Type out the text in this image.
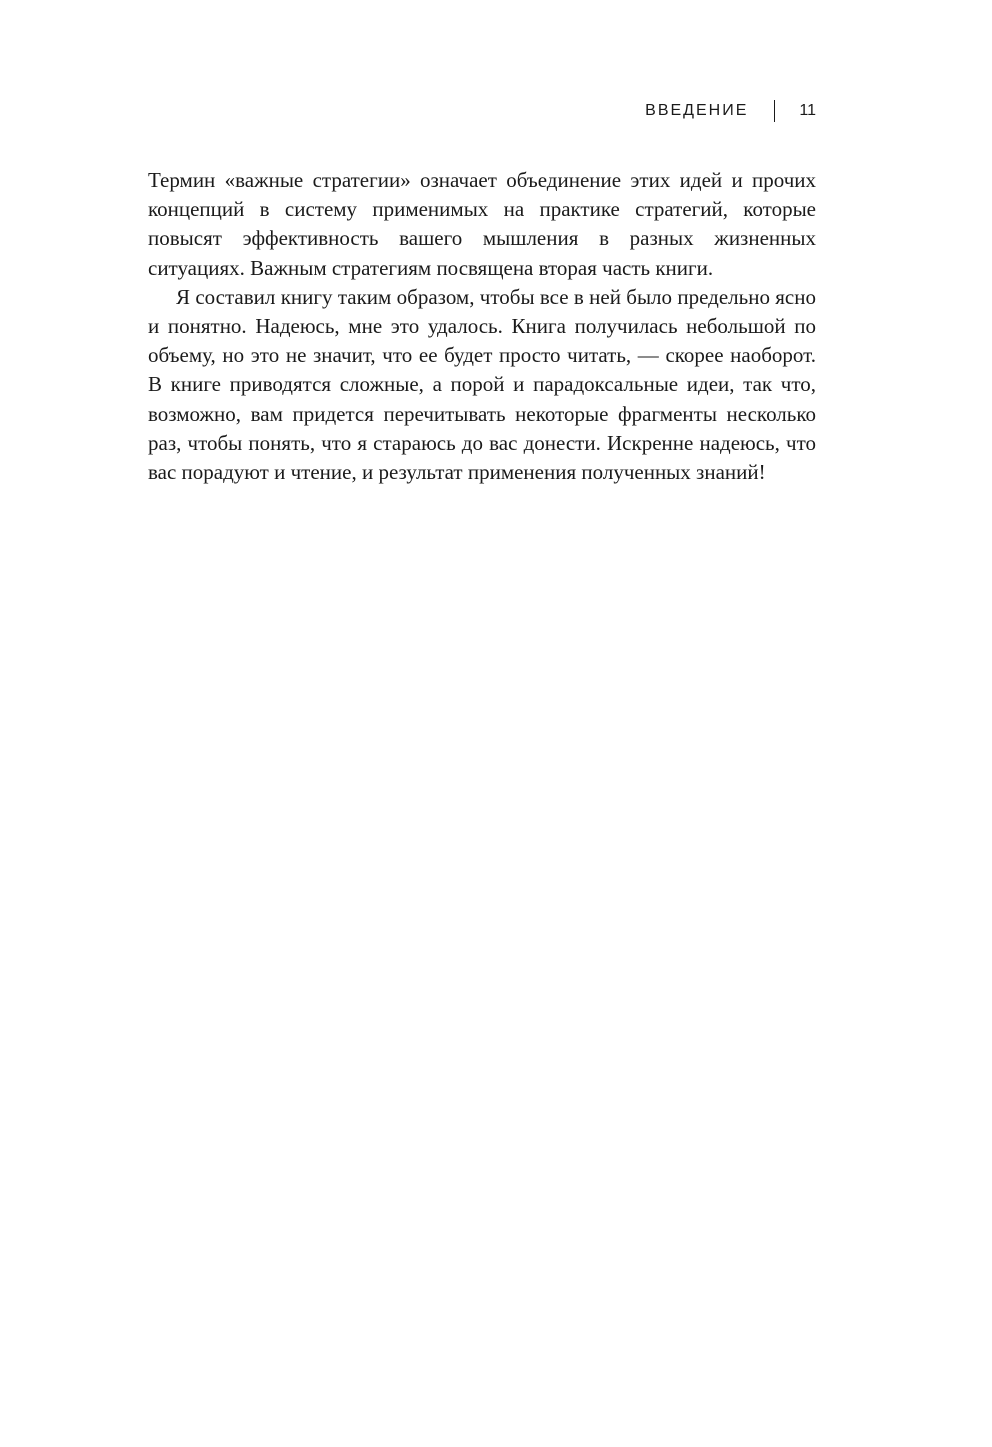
ВВЕДЕНИЕ	11

Термин «важные стратегии» означает объединение этих идей и прочих концепций в систему применимых на практике стратегий, которые повысят эффективность вашего мышления в разных жизненных ситуациях. Важным стратегиям посвящена вторая часть книги.

Я составил книгу таким образом, чтобы все в ней было предельно ясно и понятно. Надеюсь, мне это удалось. Книга получилась небольшой по объему, но это не значит, что ее будет просто читать, — скорее наоборот. В книге приводятся сложные, а порой и парадоксальные идеи, так что, возможно, вам придется перечитывать некоторые фрагменты несколько раз, чтобы понять, что я стараюсь до вас донести. Искренне надеюсь, что вас порадуют и чтение, и результат применения полученных знаний!
